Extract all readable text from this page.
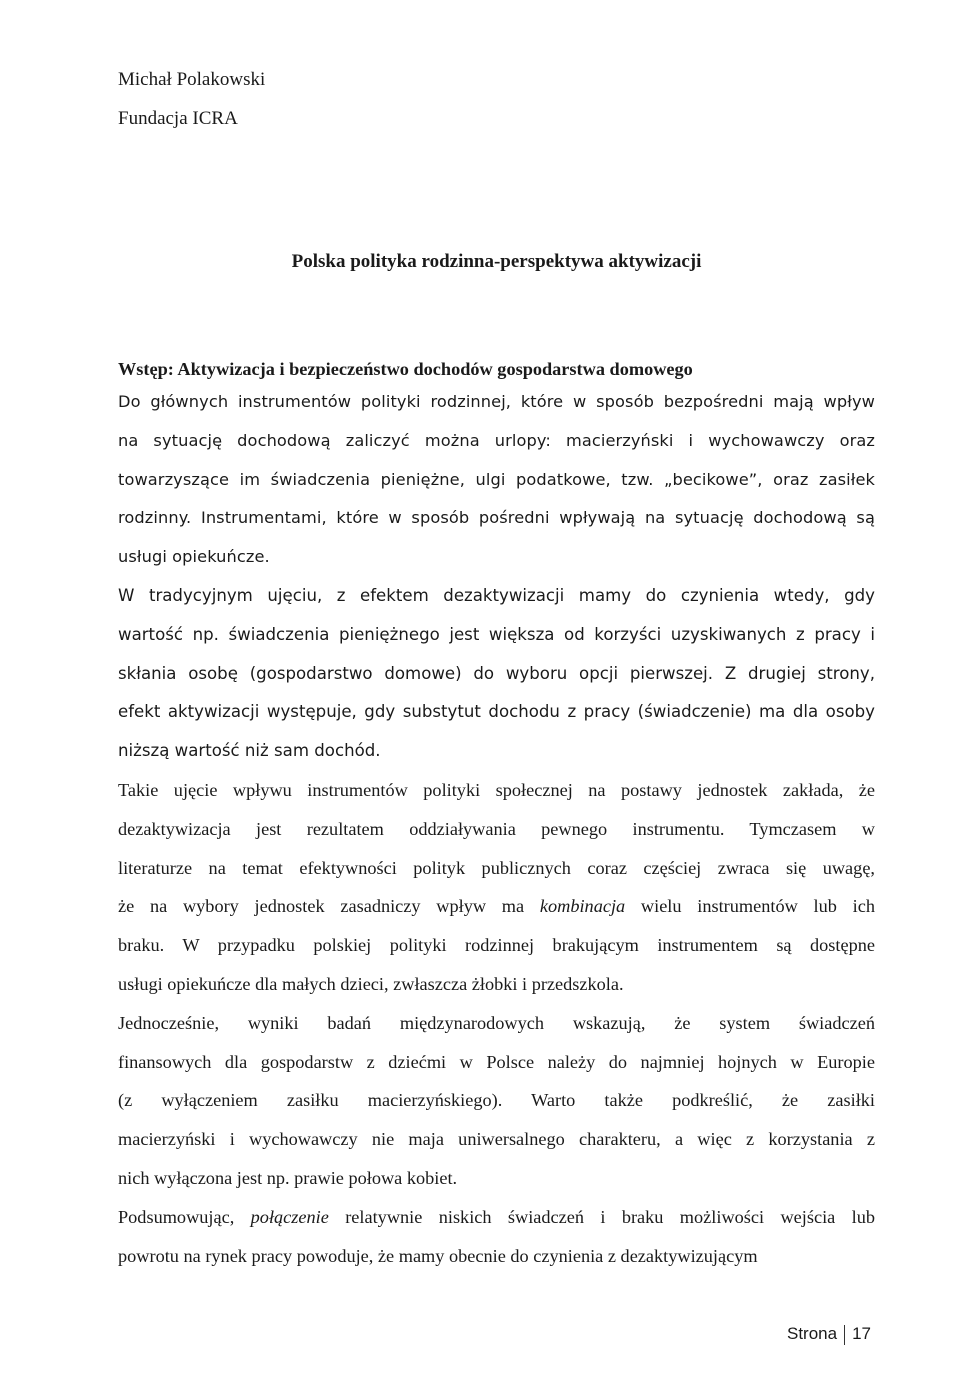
Michał Polakowski
Fundacja ICRA
Polska polityka rodzinna-perspektywa aktywizacji

Wstęp: Aktywizacja i bezpieczeństwo dochodów gospodarstwa domowego

Do głównych instrumentów polityki rodzinnej, które w sposób bezpośredni mają wpływ
na sytuację dochodową zaliczyć można urlopy: macierzyński i wychowawczy oraz
towarzyszące im świadczenia pieniężne, ulgi podatkowe, tzw. „becikowe”, oraz zasiłek
rodzinny. Instrumentami, które w sposób pośredni wpływają na sytuację dochodową są
usługi opiekuńcze.

W tradycyjnym ujęciu, z efektem dezaktywizacji mamy do czynienia wtedy, gdy
wartość np. świadczenia pieniężnego jest większa od korzyści uzyskiwanych z pracy i
skłania osobę (gospodarstwo domowe) do wyboru opcji pierwszej. Z drugiej strony,
efekt aktywizacji występuje, gdy substytut dochodu z pracy (świadczenie) ma dla osoby
niższą wartość niż sam dochód.

Takie ujęcie wpływu instrumentów polityki społecznej na postawy jednostek zakłada, że
dezaktywizacja jest rezultatem oddziaływania pewnego instrumentu. Tymczasem w
literaturze na temat efektywności polityk publicznych coraz częściej zwraca się uwagę,
że na wybory jednostek zasadniczy wpływ ma kombinacja wielu instrumentów lub ich
braku. W przypadku polskiej polityki rodzinnej brakującym instrumentem są dostępne
usługi opiekuńcze dla małych dzieci, zwłaszcza żłobki i przedszkola.

Jednocześnie, wyniki badań międzynarodowych wskazują, że system świadczeń
finansowych dla gospodarstw z dziećmi w Polsce należy do najmniej hojnych w Europie
(z wyłączeniem zasiłku macierzyńskiego). Warto także podkreślić, że zasiłki
macierzyński i wychowawczy nie maja uniwersalnego charakteru, a więc z korzystania z
nich wyłączona jest np. prawie połowa kobiet.

Podsumowując, połączenie relatywnie niskich świadczeń i braku możliwości wejścia lub
powrotu na rynek pracy powoduje, że mamy obecnie do czynienia z dezaktywizującym

Strona 17
